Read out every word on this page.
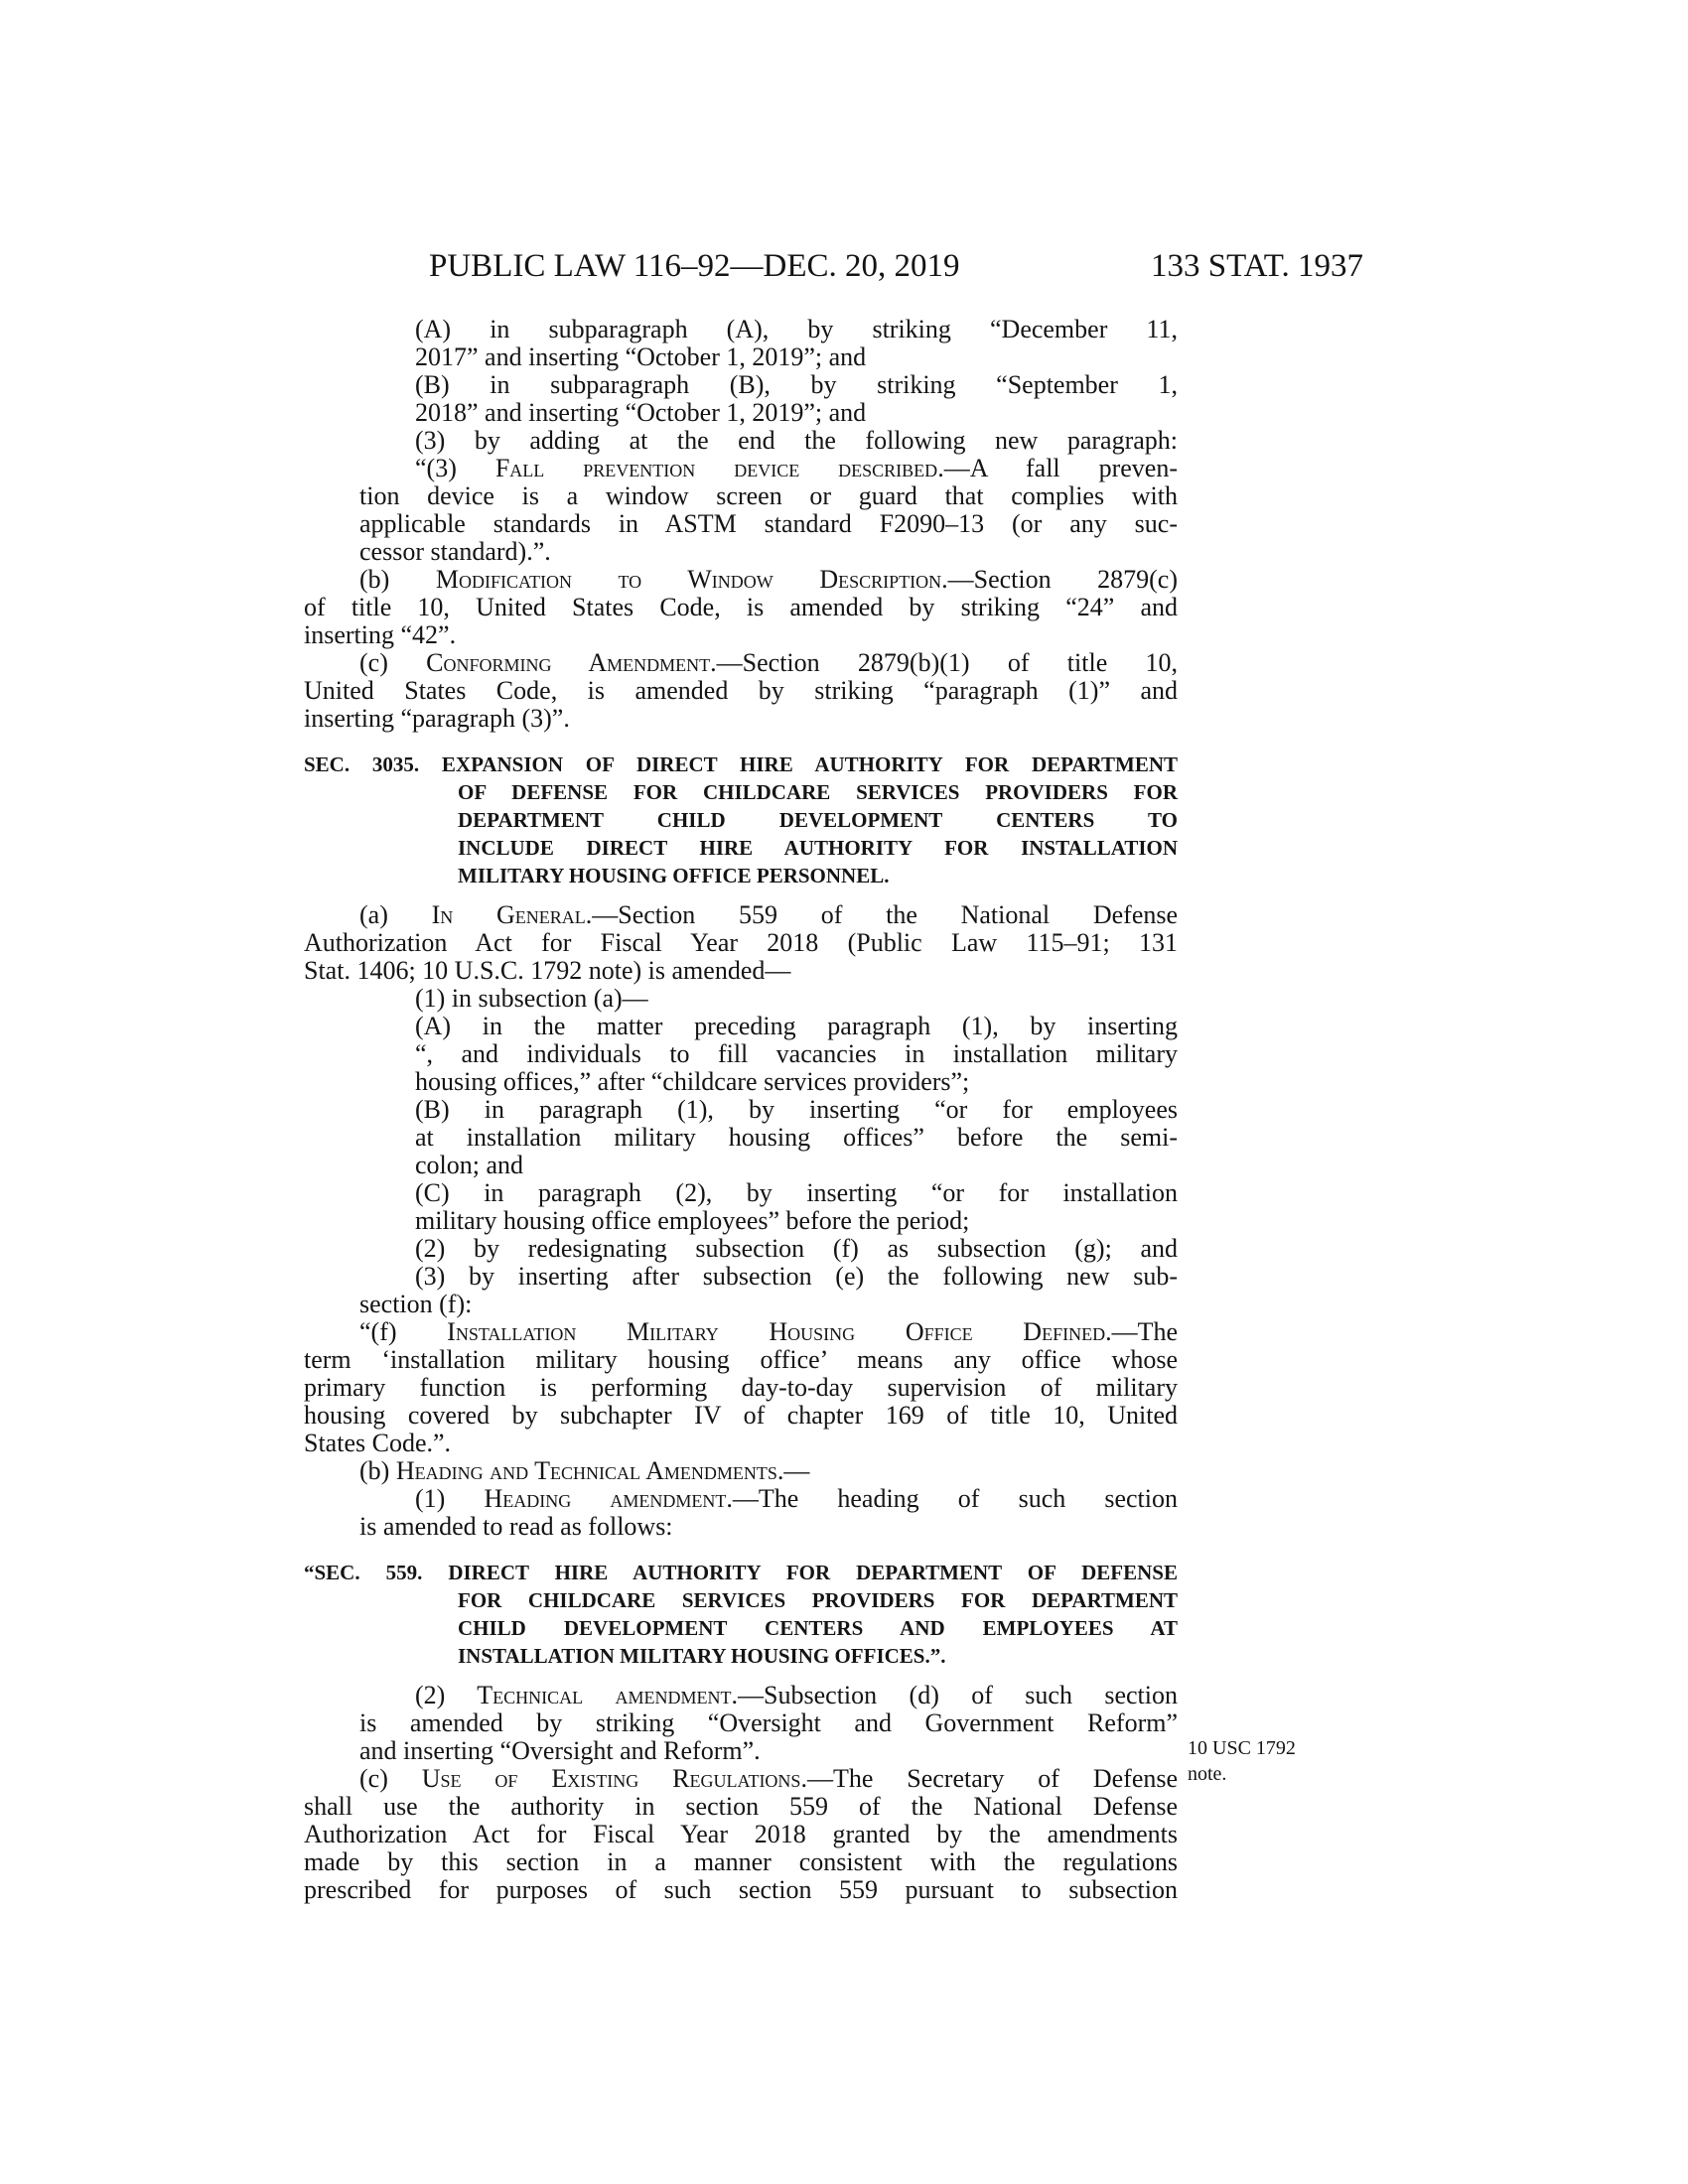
PUBLIC LAW 116–92—DEC. 20, 2019	133 STAT. 1937
(A) in subparagraph (A), by striking “December 11,
2017” and inserting “October 1, 2019”; and
(B) in subparagraph (B), by striking “September 1,
2018” and inserting “October 1, 2019”; and
(3) by adding at the end the following new paragraph:
“(3) Fall prevention device described.—A fall preven-
tion device is a window screen or guard that complies with
applicable standards in ASTM standard F2090–13 (or any suc-
cessor standard).”.
(b) Modification to Window Description.—Section 2879(c)
of title 10, United States Code, is amended by striking “24” and
inserting “42”.
(c) Conforming Amendment.—Section 2879(b)(1) of title 10,
United States Code, is amended by striking “paragraph (1)” and
inserting “paragraph (3)”.
SEC. 3035. EXPANSION OF DIRECT HIRE AUTHORITY FOR DEPARTMENT
OF DEFENSE FOR CHILDCARE SERVICES PROVIDERS FOR
DEPARTMENT CHILD DEVELOPMENT CENTERS TO
INCLUDE DIRECT HIRE AUTHORITY FOR INSTALLATION
MILITARY HOUSING OFFICE PERSONNEL.
(a) In General.—Section 559 of the National Defense
Authorization Act for Fiscal Year 2018 (Public Law 115–91; 131
Stat. 1406; 10 U.S.C. 1792 note) is amended—
(1) in subsection (a)—
(A) in the matter preceding paragraph (1), by inserting
“, and individuals to fill vacancies in installation military
housing offices,” after “childcare services providers”;
(B) in paragraph (1), by inserting “or for employees
at installation military housing offices” before the semi-
colon; and
(C) in paragraph (2), by inserting “or for installation
military housing office employees” before the period;
(2) by redesignating subsection (f) as subsection (g); and
(3) by inserting after subsection (e) the following new sub-
section (f):
“(f) Installation Military Housing Office Defined.—The
term ‘installation military housing office’ means any office whose
primary function is performing day-to-day supervision of military
housing covered by subchapter IV of chapter 169 of title 10, United
States Code.”.
(b) Heading and Technical Amendments.—
(1) Heading amendment.—The heading of such section
is amended to read as follows:
“SEC. 559. DIRECT HIRE AUTHORITY FOR DEPARTMENT OF DEFENSE
FOR CHILDCARE SERVICES PROVIDERS FOR DEPARTMENT
CHILD DEVELOPMENT CENTERS AND EMPLOYEES AT
INSTALLATION MILITARY HOUSING OFFICES.”.
(2) Technical amendment.—Subsection (d) of such section
is amended by striking “Oversight and Government Reform”
and inserting “Oversight and Reform”.
(c) Use of Existing Regulations.—The Secretary of Defense
shall use the authority in section 559 of the National Defense
Authorization Act for Fiscal Year 2018 granted by the amendments
made by this section in a manner consistent with the regulations
prescribed for purposes of such section 559 pursuant to subsection
10 USC 1792
note.
